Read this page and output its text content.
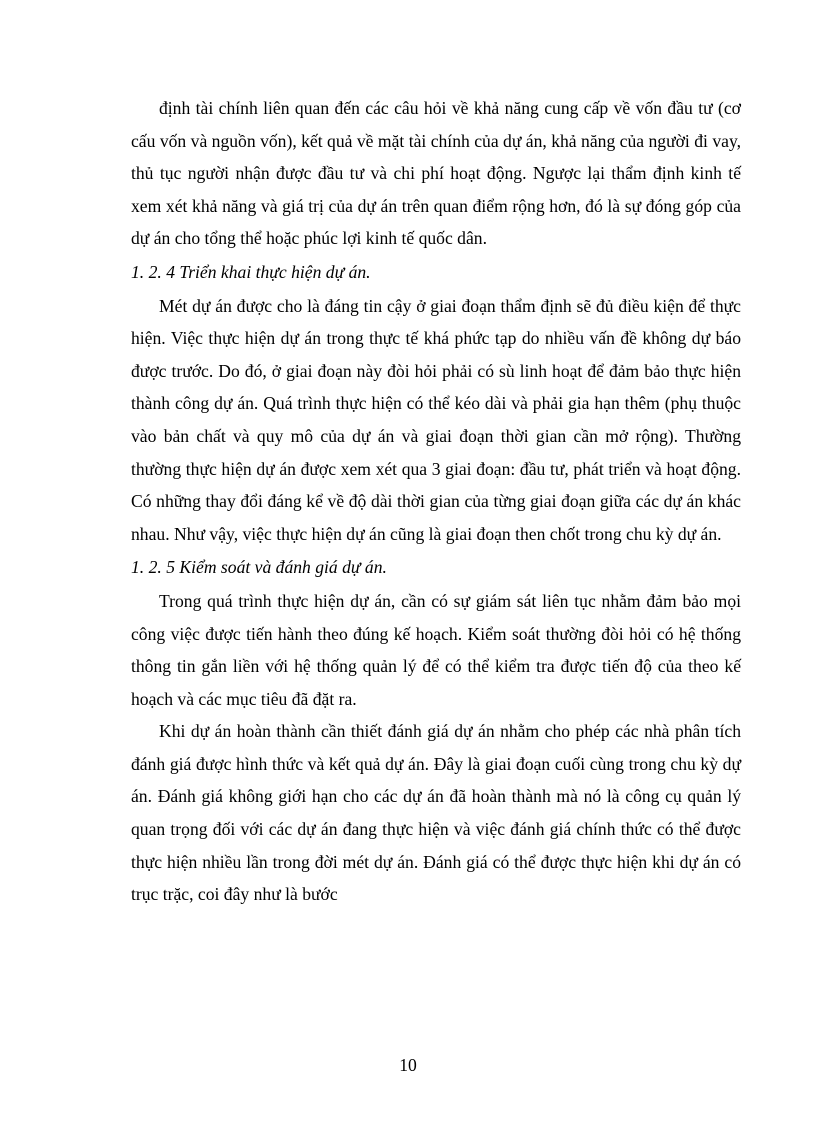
định tài chính liên quan đến các câu hỏi về khả năng cung cấp về vốn đầu tư (cơ cấu vốn và nguồn vốn), kết quả về mặt tài chính của dự án, khả năng của người đi vay, thủ tục người nhận được đầu tư và chi phí hoạt động. Ngược lại thẩm định kinh tế xem xét khả năng và giá trị của dự án trên quan điểm rộng hơn, đó là sự đóng góp của dự án cho tổng thể hoặc phúc lợi kinh tế quốc dân.

1. 2. 4 Triển khai thực hiện dự án.

Mét dự án được cho là đáng tin cậy ở giai đoạn thẩm định sẽ đủ điều kiện để thực hiện. Việc thực hiện dự án trong thực tế khá phức tạp do nhiều vấn đề không dự báo được trước. Do đó, ở giai đoạn này đòi hỏi phải có sù linh hoạt để đảm bảo thực hiện thành công dự án. Quá trình thực hiện có thể kéo dài và phải gia hạn thêm (phụ thuộc vào bản chất và quy mô của dự án và giai đoạn thời gian cần mở rộng). Thường thường thực hiện dự án được xem xét qua 3 giai đoạn: đầu tư, phát triển và hoạt động. Có những thay đổi đáng kể về độ dài thời gian của từng giai đoạn giữa các dự án khác nhau. Như vậy, việc thực hiện dự án cũng là giai đoạn then chốt trong chu kỳ dự án.

1. 2. 5 Kiểm soát và đánh giá dự án.

Trong quá trình thực hiện dự án, cần có sự giám sát liên tục nhằm đảm bảo mọi công việc được tiến hành theo đúng kế hoạch. Kiểm soát thường đòi hỏi có hệ thống thông tin gắn liền với hệ thống quản lý để có thể kiểm tra được tiến độ của theo kế hoạch và các mục tiêu đã đặt ra.

Khi dự án hoàn thành cần thiết đánh giá dự án nhằm cho phép các nhà phân tích đánh giá được hình thức và kết quả dự án. Đây là giai đoạn cuối cùng trong chu kỳ dự án. Đánh giá không giới hạn cho các dự án đã hoàn thành mà nó là công cụ quản lý quan trọng đối với các dự án đang thực hiện và việc đánh giá chính thức có thể được thực hiện nhiều lần trong đời mét dự án. Đánh giá có thể được thực hiện khi dự án có trục trặc, coi đây như là bước

10
